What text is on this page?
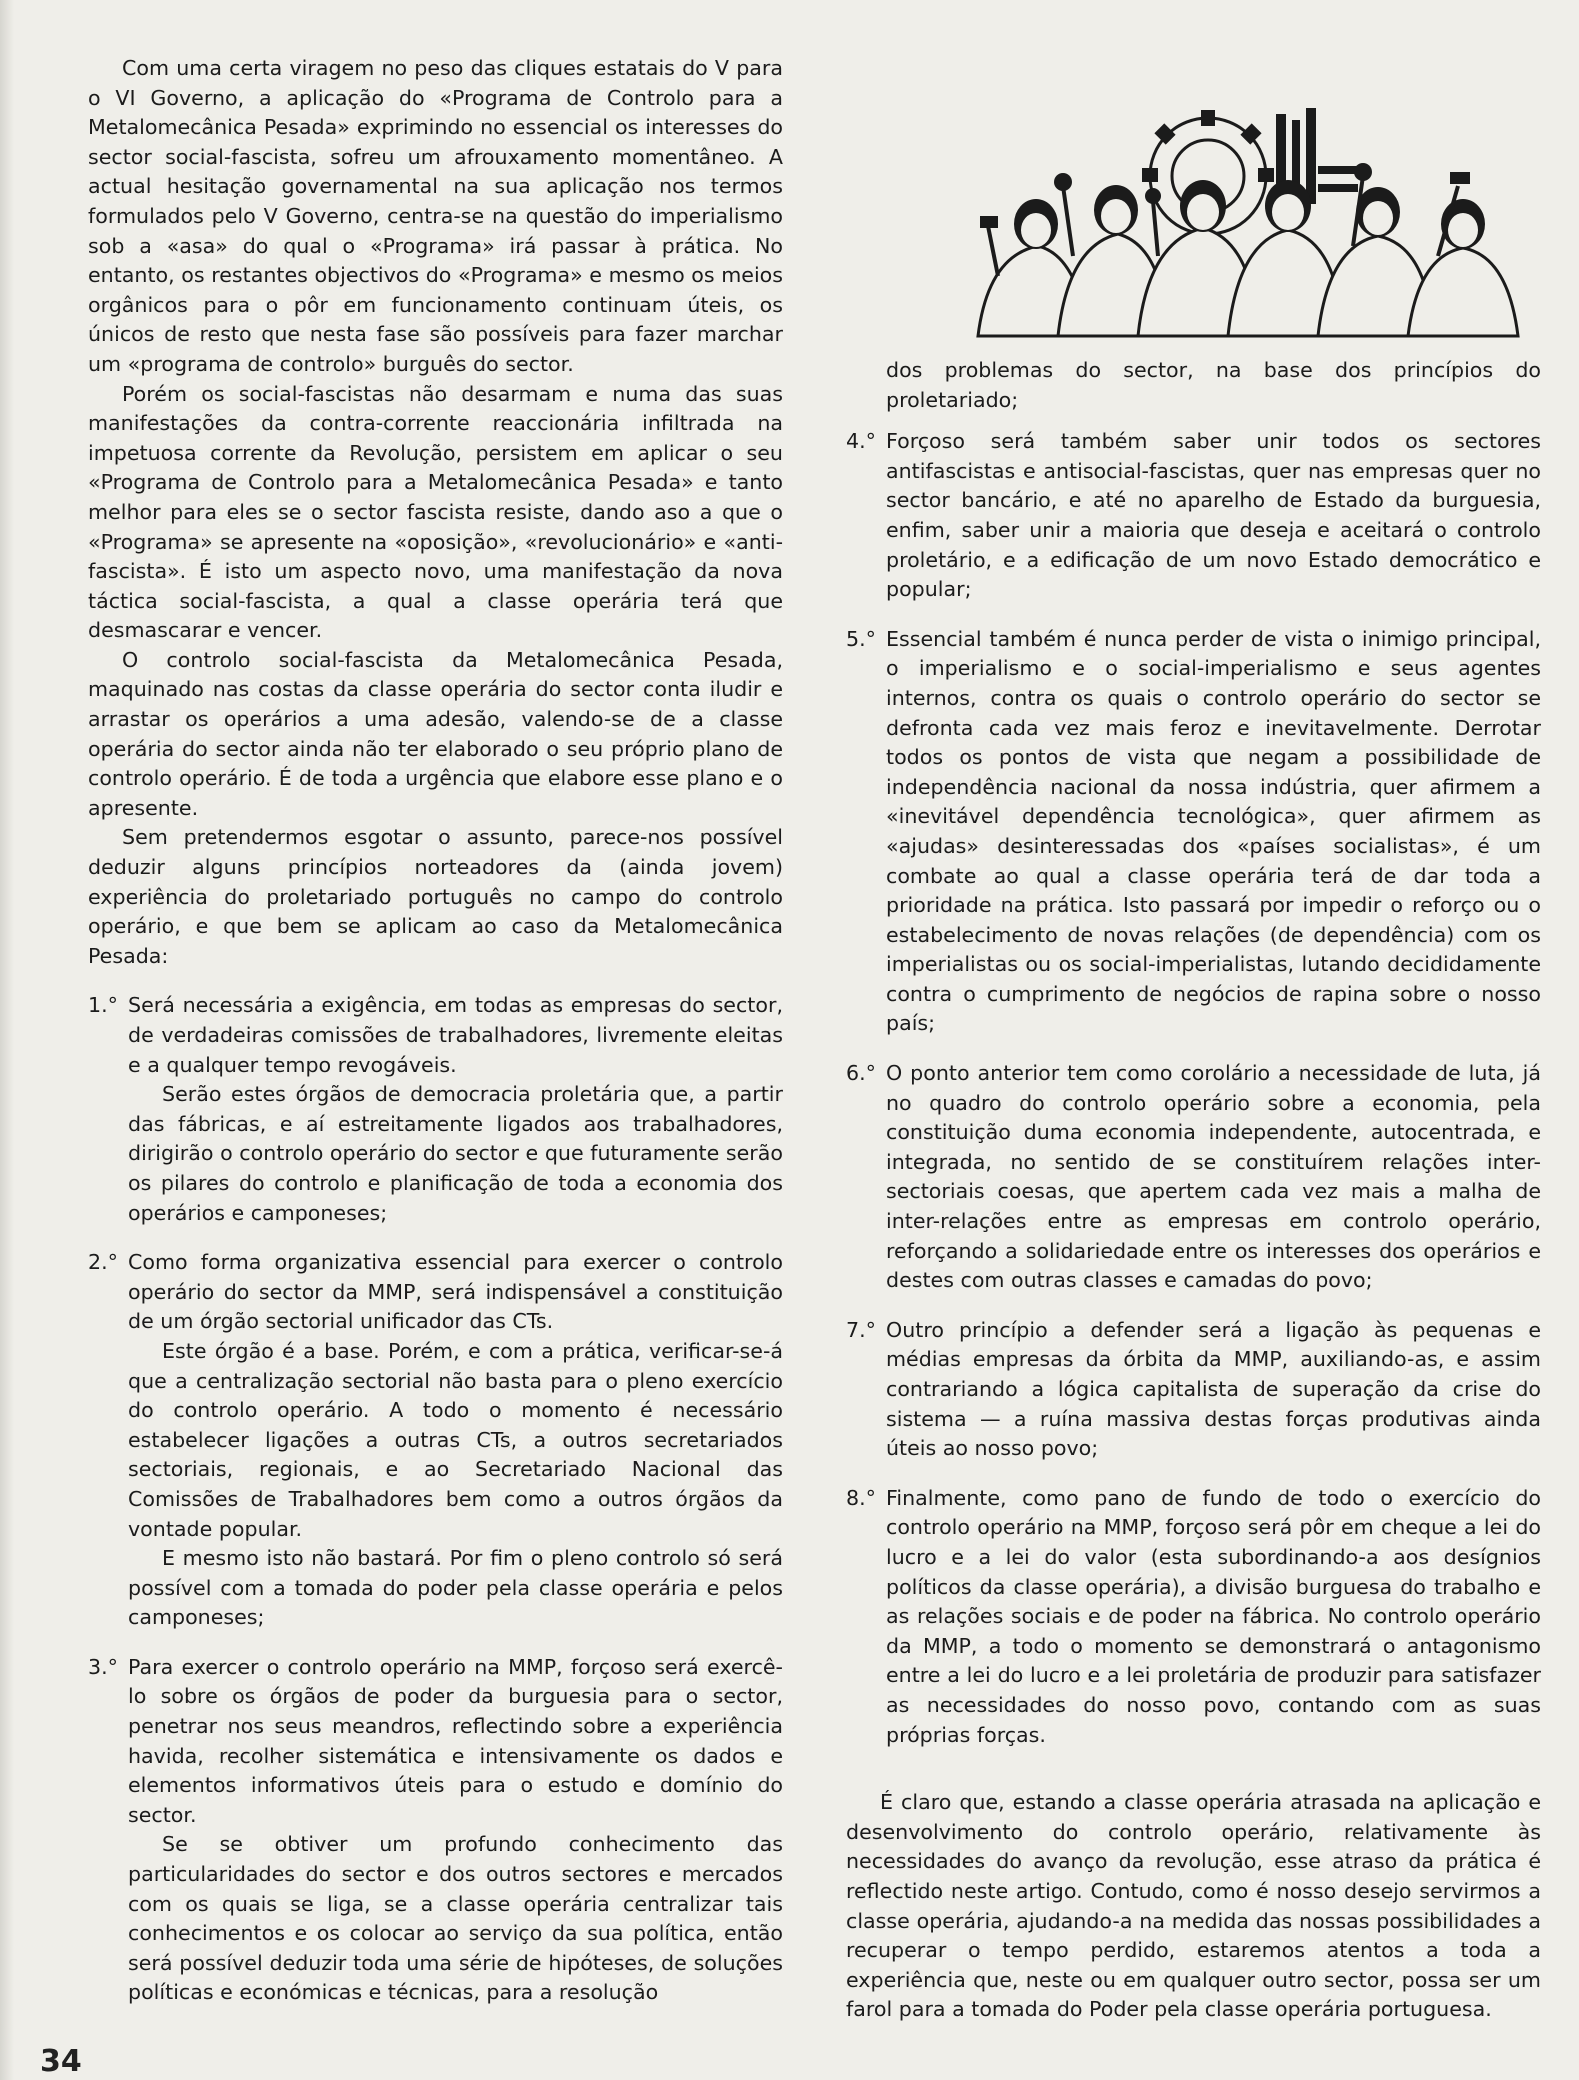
Com uma certa viragem no peso das cliques estatais do V para o VI Governo, a aplicação do «Programa de Controlo para a Metalomecânica Pesada» exprimindo no essencial os interesses do sector social-fascista, sofreu um afrouxamento momentâneo. A actual hesitação governamental na sua aplicação nos termos formulados pelo V Governo, centra-se na questão do imperialismo sob a «asa» do qual o «Programa» irá passar à prática. No entanto, os restantes objectivos do «Programa» e mesmo os meios orgânicos para o pôr em funcionamento continuam úteis, os únicos de resto que nesta fase são possíveis para fazer marchar um «programa de controlo» burguês do sector.

Porém os social-fascistas não desarmam e numa das suas manifestações da contra-corrente reaccionária infiltrada na impetuosa corrente da Revolução, persistem em aplicar o seu «Programa de Controlo para a Metalomecânica Pesada» e tanto melhor para eles se o sector fascista resiste, dando aso a que o «Programa» se apresente na «oposição», «revolucionário» e «anti-fascista». É isto um aspecto novo, uma manifestação da nova táctica social-fascista, a qual a classe operária terá que desmascarar e vencer.

O controlo social-fascista da Metalomecânica Pesada, maquinado nas costas da classe operária do sector conta iludir e arrastar os operários a uma adesão, valendo-se de a classe operária do sector ainda não ter elaborado o seu próprio plano de controlo operário. É de toda a urgência que elabore esse plano e o apresente.

Sem pretendermos esgotar o assunto, parece-nos possível deduzir alguns princípios norteadores da (ainda jovem) experiência do proletariado português no campo do controlo operário, e que bem se aplicam ao caso da Metalomecânica Pesada:

1.° Será necessária a exigência, em todas as empresas do sector, de verdadeiras comissões de trabalhadores, livremente eleitas e a qualquer tempo revogáveis.

Serão estes órgãos de democracia proletária que, a partir das fábricas, e aí estreitamente ligados aos trabalhadores, dirigirão o controlo operário do sector e que futuramente serão os pilares do controlo e planificação de toda a economia dos operários e camponeses;

2.° Como forma organizativa essencial para exercer o controlo operário do sector da MMP, será indispensável a constituição de um órgão sectorial unificador das CTs.

Este órgão é a base. Porém, e com a prática, verificar-se-á que a centralização sectorial não basta para o pleno exercício do controlo operário. A todo o momento é necessário estabelecer ligações a outras CTs, a outros secretariados sectoriais, regionais, e ao Secretariado Nacional das Comissões de Trabalhadores bem como a outros órgãos da vontade popular.

E mesmo isto não bastará. Por fim o pleno controlo só será possível com a tomada do poder pela classe operária e pelos camponeses;

3.° Para exercer o controlo operário na MMP, forçoso será exercê-lo sobre os órgãos de poder da burguesia para o sector, penetrar nos seus meandros, reflectindo sobre a experiência havida, recolher sistemática e intensivamente os dados e elementos informativos úteis para o estudo e domínio do sector.

Se se obtiver um profundo conhecimento das particularidades do sector e dos outros sectores e mercados com os quais se liga, se a classe operária centralizar tais conhecimentos e os colocar ao serviço da sua política, então será possível deduzir toda uma série de hipóteses, de soluções políticas e económicas e técnicas, para a resolução

dos problemas do sector, na base dos princípios do proletariado;

4.° Forçoso será também saber unir todos os sectores antifascistas e antisocial-fascistas, quer nas empresas quer no sector bancário, e até no aparelho de Estado da burguesia, enfim, saber unir a maioria que deseja e aceitará o controlo proletário, e a edificação de um novo Estado democrático e popular;

5.° Essencial também é nunca perder de vista o inimigo principal, o imperialismo e o social-imperialismo e seus agentes internos, contra os quais o controlo operário do sector se defronta cada vez mais feroz e inevitavelmente. Derrotar todos os pontos de vista que negam a possibilidade de independência nacional da nossa indústria, quer afirmem a «inevitável dependência tecnológica», quer afirmem as «ajudas» desinteressadas dos «países socialistas», é um combate ao qual a classe operária terá de dar toda a prioridade na prática. Isto passará por impedir o reforço ou o estabelecimento de novas relações (de dependência) com os imperialistas ou os social-imperialistas, lutando decididamente contra o cumprimento de negócios de rapina sobre o nosso país;

6.° O ponto anterior tem como corolário a necessidade de luta, já no quadro do controlo operário sobre a economia, pela constituição duma economia independente, autocentrada, e integrada, no sentido de se constituírem relações inter-sectoriais coesas, que apertem cada vez mais a malha de inter-relações entre as empresas em controlo operário, reforçando a solidariedade entre os interesses dos operários e destes com outras classes e camadas do povo;

7.° Outro princípio a defender será a ligação às pequenas e médias empresas da órbita da MMP, auxiliando-as, e assim contrariando a lógica capitalista de superação da crise do sistema — a ruína massiva destas forças produtivas ainda úteis ao nosso povo;

8.° Finalmente, como pano de fundo de todo o exercício do controlo operário na MMP, forçoso será pôr em cheque a lei do lucro e a lei do valor (esta subordinando-a aos desígnios políticos da classe operária), a divisão burguesa do trabalho e as relações sociais e de poder na fábrica. No controlo operário da MMP, a todo o momento se demonstrará o antagonismo entre a lei do lucro e a lei proletária de produzir para satisfazer as necessidades do nosso povo, contando com as suas próprias forças.

É claro que, estando a classe operária atrasada na aplicação e desenvolvimento do controlo operário, relativamente às necessidades do avanço da revolução, esse atraso da prática é reflectido neste artigo. Contudo, como é nosso desejo servirmos a classe operária, ajudando-a na medida das nossas possibilidades a recuperar o tempo perdido, estaremos atentos a toda a experiência que, neste ou em qualquer outro sector, possa ser um farol para a tomada do Poder pela classe operária portuguesa.

34
